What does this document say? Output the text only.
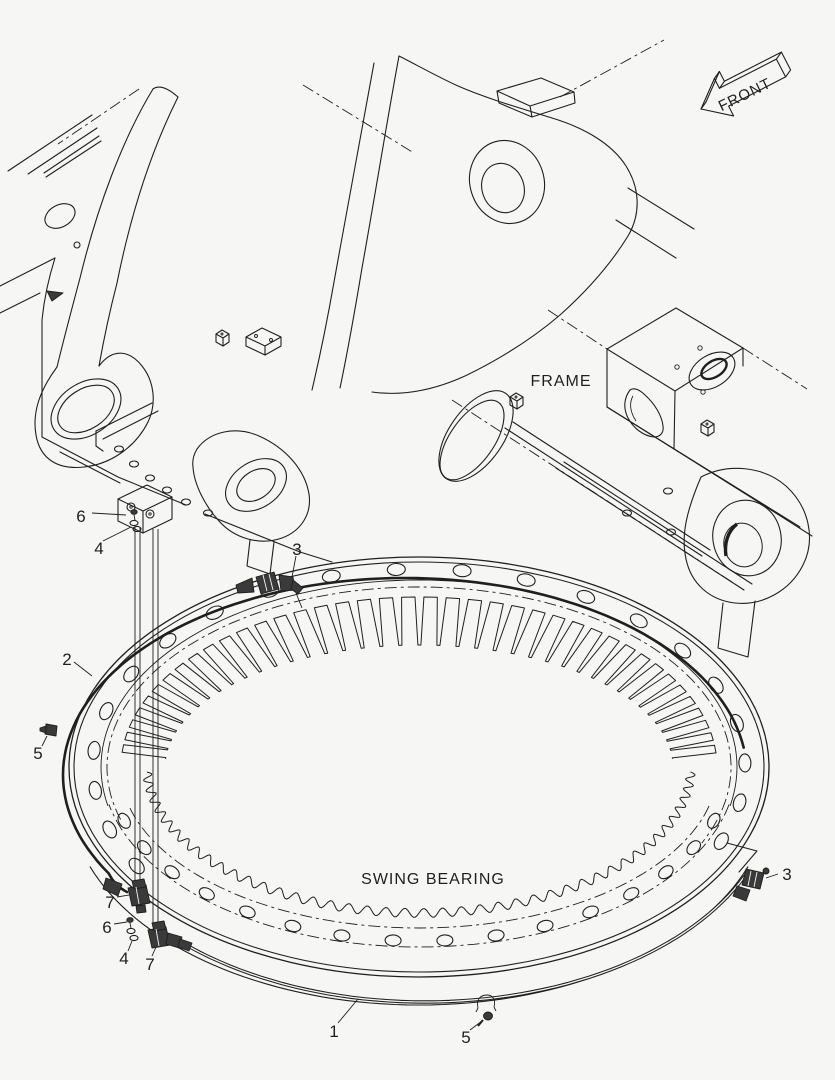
FRONT
6
4	3
2
5
7
6
4 7
1	5
3
FRAME
SWING BEARING
